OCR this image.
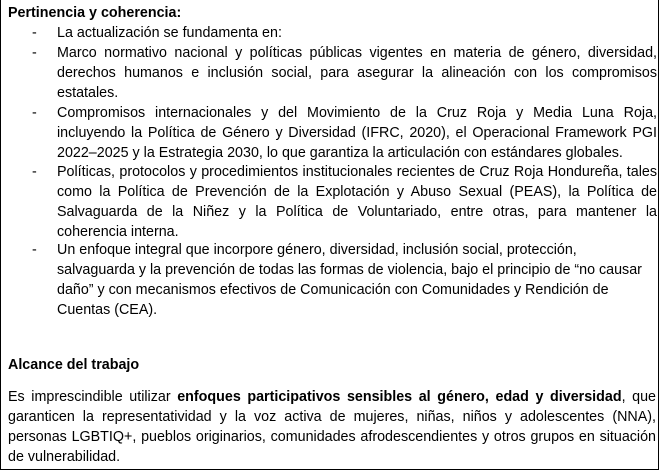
Pertinencia y coherencia:
- La actualización se fundamenta en:
- Marco normativo nacional y políticas públicas vigentes en materia de género, diversidad, derechos humanos e inclusión social, para asegurar la alineación con los compromisos estatales.
- Compromisos internacionales y del Movimiento de la Cruz Roja y Media Luna Roja, incluyendo la Política de Género y Diversidad (IFRC, 2020), el Operacional Framework PGI 2022–2025 y la Estrategia 2030, lo que garantiza la articulación con estándares globales.
- Políticas, protocolos y procedimientos institucionales recientes de Cruz Roja Hondureña, tales como la Política de Prevención de la Explotación y Abuso Sexual (PEAS), la Política de Salvaguarda de la Niñez y la Política de Voluntariado, entre otras, para mantener la coherencia interna.
- Un enfoque integral que incorpore género, diversidad, inclusión social, protección, salvaguarda y la prevención de todas las formas de violencia, bajo el principio de “no causar daño” y con mecanismos efectivos de Comunicación con Comunidades y Rendición de Cuentas (CEA).
Alcance del trabajo
Es imprescindible utilizar enfoques participativos sensibles al género, edad y diversidad, que garanticen la representatividad y la voz activa de mujeres, niñas, niños y adolescentes (NNA), personas LGBTIQ+, pueblos originarios, comunidades afrodescendientes y otros grupos en situación de vulnerabilidad.
